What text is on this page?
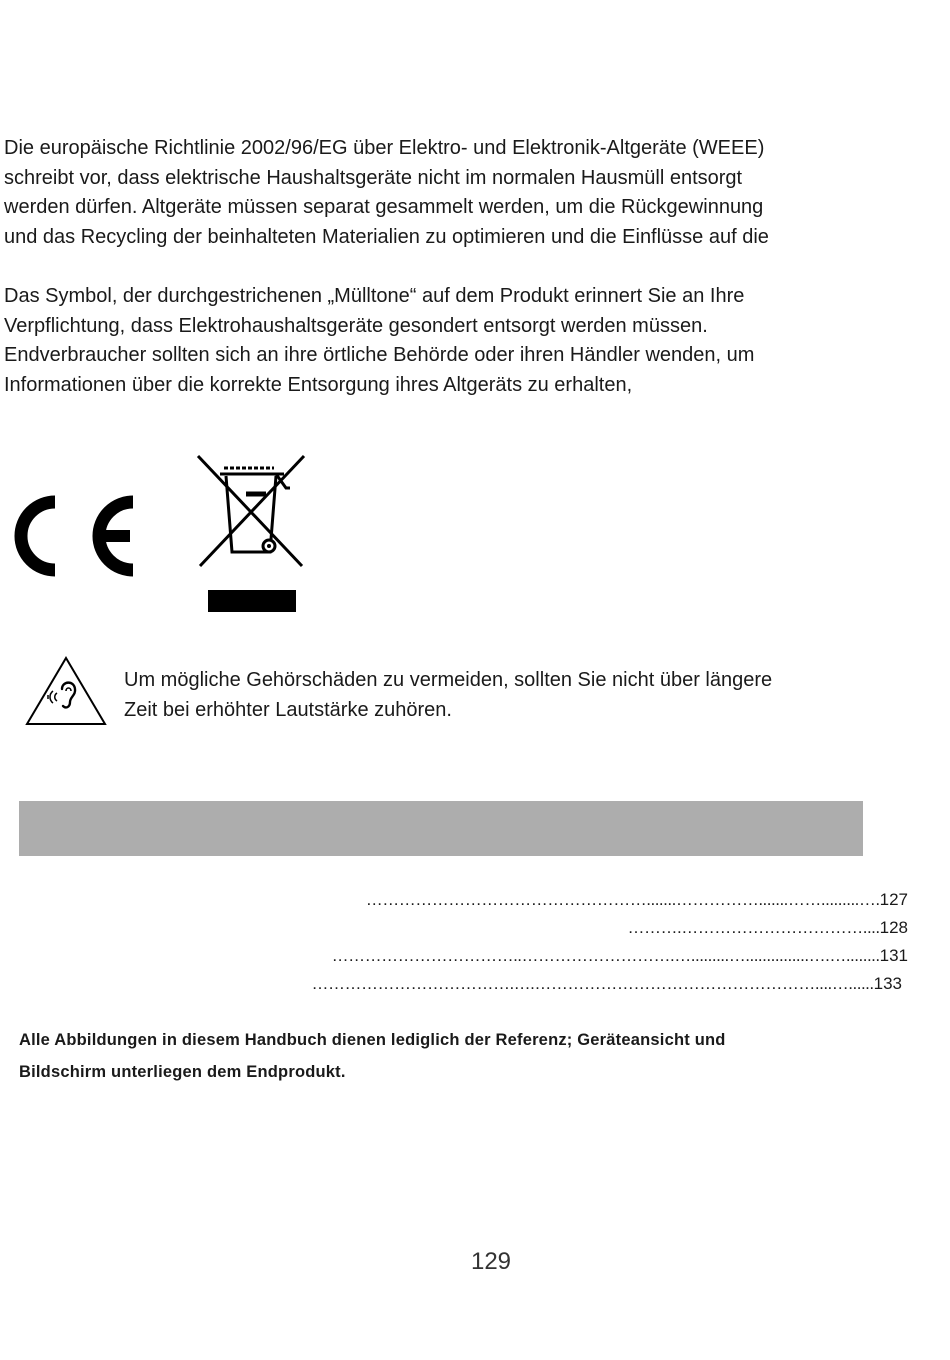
Die europäische Richtlinie 2002/96/EG über Elektro- und Elektronik-Altgeräte (WEEE)
schreibt vor, dass elektrische Haushaltsgeräte nicht im normalen Hausmüll entsorgt
werden dürfen. Altgeräte müssen separat gesammelt werden, um die Rückgewinnung
und das Recycling der beinhalteten Materialien zu optimieren und die Einflüsse auf die
Das Symbol, der durchgestrichenen „Mülltone“ auf dem Produkt erinnert Sie an Ihre
Verpflichtung, dass Elektrohaushaltsgeräte gesondert entsorgt werden müssen.
Endverbraucher sollten sich an ihre örtliche Behörde oder ihren Händler wenden, um
Informationen über die korrekte Entsorgung ihres Altgeräts zu erhalten,
Um mögliche Gehörschäden zu vermeiden, sollten Sie nicht über längere
Zeit bei erhöhter Lautstärke zuhören.
…………………………………………….......…………….......…….........….127
……….……………………………....128
……………………………..……………………….….........…...............….…........131
……………………………….….……………………………………………....…......133
Alle Abbildungen in diesem Handbuch dienen lediglich der Referenz; Geräteansicht und
Bildschirm unterliegen dem Endprodukt.
129
